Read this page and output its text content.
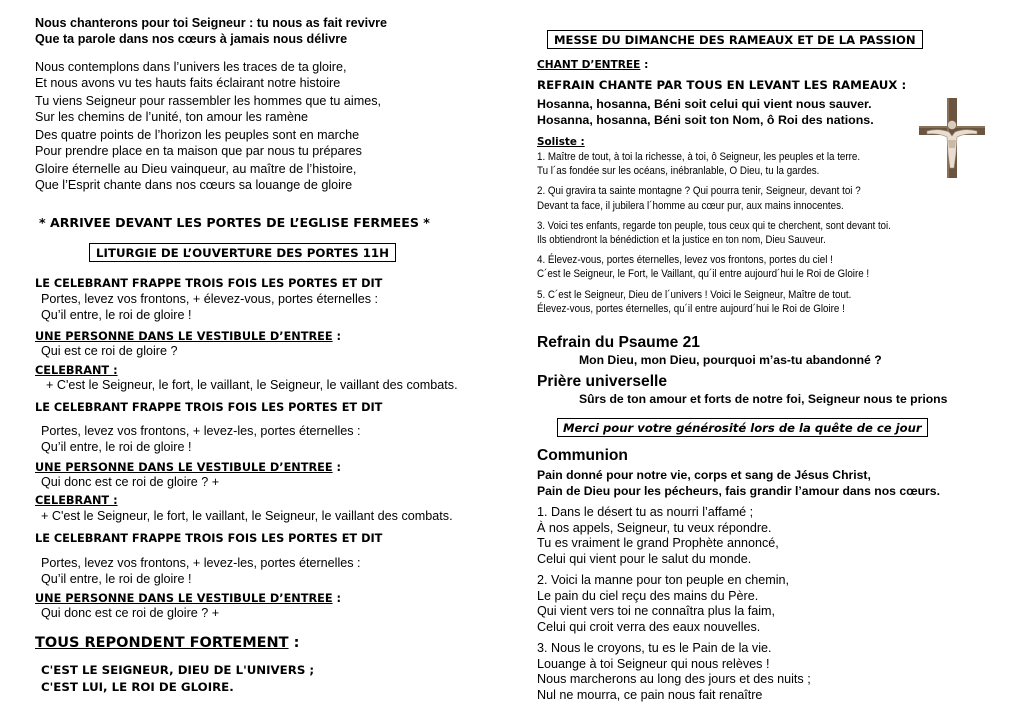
Nous chanterons pour toi Seigneur : tu nous as fait revivre

Que ta parole dans nos cœurs à jamais nous délivre

Nous contemplons dans l’univers les traces de ta gloire,

Et nous avons vu tes hauts faits éclairant notre histoire

Tu viens Seigneur pour rassembler les hommes que tu aimes,

Sur les chemins de l’unité, ton amour les ramène

Des quatre points de l’horizon les peuples sont en marche

Pour prendre place en ta maison que par nous tu prépares

Gloire éternelle au Dieu vainqueur, au maître de l’histoire,

Que l’Esprit chante dans nos cœurs sa louange de gloire

* ARRIVEE DEVANT LES PORTES DE L’EGLISE FERMEES *

LITURGIE DE L’OUVERTURE DES PORTES 11H

LE CELEBRANT FRAPPE TROIS FOIS LES PORTES ET DIT

Portes, levez vos frontons, + élevez-vous, portes éternelles :

Qu’il entre, le roi de gloire !

UNE PERSONNE DANS LE VESTIBULE D’ENTREE :

Qui est ce roi de gloire ?

CELEBRANT :

+ C'est le Seigneur, le fort, le vaillant, le Seigneur, le vaillant des combats.

LE CELEBRANT FRAPPE TROIS FOIS LES PORTES ET DIT

Portes, levez vos frontons, + levez-les, portes éternelles :

Qu’il entre, le roi de gloire !

UNE PERSONNE DANS LE VESTIBULE D’ENTREE :

Qui donc est ce roi de gloire ? +

CELEBRANT :

+ C'est le Seigneur, le fort, le vaillant, le Seigneur, le vaillant des combats.

LE CELEBRANT FRAPPE TROIS FOIS LES PORTES ET DIT

Portes, levez vos frontons, + levez-les, portes éternelles :

Qu’il entre, le roi de gloire !

UNE PERSONNE DANS LE VESTIBULE D’ENTREE :

Qui donc est ce roi de gloire ? +

TOUS REPONDENT FORTEMENT :

C'EST LE SEIGNEUR, DIEU DE L'UNIVERS ;

C'EST LUI, LE ROI DE GLOIRE.

MESSE DU DIMANCHE DES RAMEAUX ET DE LA PASSION

CHANT D’ENTREE :

REFRAIN CHANTE PAR TOUS EN LEVANT LES RAMEAUX :

Hosanna, hosanna, Béni soit celui qui vient nous sauver.

Hosanna, hosanna, Béni soit ton Nom, ô Roi des nations.

Soliste :

1. Maître de tout, à toi la richesse, à toi, ô Seigneur, les peuples et la terre.

Tu l´as fondée sur les océans, inébranlable, O Dieu, tu la gardes.

2. Qui gravira ta sainte montagne ? Qui pourra tenir, Seigneur, devant toi ?

Devant ta face, il jubilera l´homme au cœur pur, aux mains innocentes.

3. Voici tes enfants, regarde ton peuple, tous ceux qui te cherchent, sont devant toi.

Ils obtiendront la bénédiction et la justice en ton nom, Dieu Sauveur.

4. Élevez-vous, portes éternelles, levez vos frontons, portes du ciel !

C´est le Seigneur, le Fort, le Vaillant, qu´il entre aujourd´hui le Roi de Gloire !

5. C´est le Seigneur, Dieu de l´univers ! Voici le Seigneur, Maître de tout.

Élevez-vous, portes éternelles, qu´il entre aujourd´hui le Roi de Gloire !

Refrain du Psaume 21

Mon Dieu, mon Dieu, pourquoi m’as-tu abandonné ?

Prière universelle

Sûrs de ton amour et forts de notre foi, Seigneur nous te prions

Merci pour votre générosité lors de la quête de ce jour

Communion

Pain donné pour notre vie, corps et sang de Jésus Christ,

Pain de Dieu pour les pécheurs, fais grandir l’amour dans nos cœurs.

1. Dans le désert tu as nourri l’affamé ;

À nos appels, Seigneur, tu veux répondre.

Tu es vraiment le grand Prophète annoncé,

Celui qui vient pour le salut du monde.

2. Voici la manne pour ton peuple en chemin,

Le pain du ciel reçu des mains du Père.

Qui vient vers toi ne connaîtra plus la faim,

Celui qui croit verra des eaux nouvelles.

3. Nous le croyons, tu es le Pain de la vie.

Louange à toi Seigneur qui nous relèves !

Nous marcherons au long des jours et des nuits ;

Nul ne mourra, ce pain nous fait renaître
